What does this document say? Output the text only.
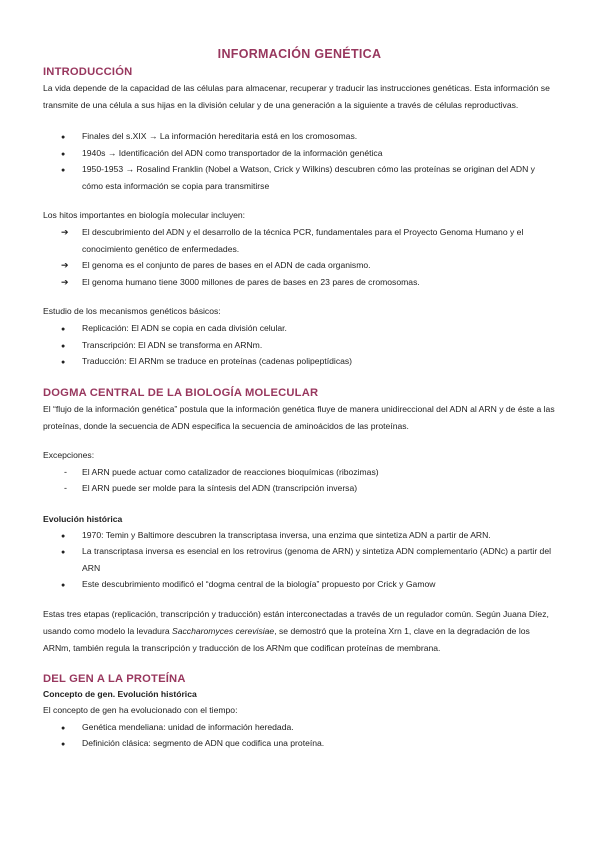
INFORMACIÓN GENÉTICA
INTRODUCCIÓN

La vida depende de la capacidad de las células para almacenar, recuperar y traducir las instrucciones genéticas. Esta información se transmite de una célula a sus hijas en la división celular y de una generación a la siguiente a través de células reproductivas.

●
Finales del s.XIX → La información hereditaria está en los cromosomas.
●
1940s → Identificación del ADN como transportador de la información genética
●
1950-1953 → Rosalind Franklin (Nobel a Watson, Crick y Wilkins) descubren cómo las proteínas se originan del ADN y cómo esta información se copia para transmitirse

Los hitos importantes en biología molecular incluyen:

➔
El descubrimiento del ADN y el desarrollo de la técnica PCR, fundamentales para el Proyecto Genoma Humano y el conocimiento genético de enfermedades.
➔
El genoma es el conjunto de pares de bases en el ADN de cada organismo.
➔
El genoma humano tiene 3000 millones de pares de bases en 23 pares de cromosomas.

Estudio de los mecanismos genéticos básicos:

●
Replicación: El ADN se copia en cada división celular.
●
Transcripción: El ADN se transforma en ARNm.
●
Traducción: El ARNm se traduce en proteínas (cadenas polipeptídicas)
DOGMA CENTRAL DE LA BIOLOGÍA MOLECULAR

El “flujo de la información genética” postula que la información genética fluye de manera unidireccional del ADN al ARN y de éste a las proteínas, donde la secuencia de ADN especifica la secuencia de aminoácidos de las proteínas.

Excepciones:

-
El ARN puede actuar como catalizador de reacciones bioquímicas (ribozimas)
-
El ARN puede ser molde para la síntesis del ADN (transcripción inversa)

Evolución histórica

●
1970: Temin y Baltimore descubren la transcriptasa inversa, una enzima que sintetiza ADN a partir de ARN.
●
La transcriptasa inversa es esencial en los retrovirus (genoma de ARN) y sintetiza ADN complementario (ADNc) a partir del ARN
●
Este descubrimiento modificó el “dogma central de la biología” propuesto por Crick y Gamow

Estas tres etapas (replicación, transcripción y traducción) están interconectadas a través de un regulador común. Según Juana Díez, usando como modelo la levadura Saccharomyces cerevisiae, se demostró que la proteína Xrn 1, clave en la degradación de los ARNm, también regula la transcripción y traducción de los ARNm que codifican proteínas de membrana.

DEL GEN A LA PROTEÍNA

Concepto de gen. Evolución histórica

El concepto de gen ha evolucionado con el tiempo:

●
Genética mendeliana: unidad de información heredada.
●
Definición clásica: segmento de ADN que codifica una proteína.
